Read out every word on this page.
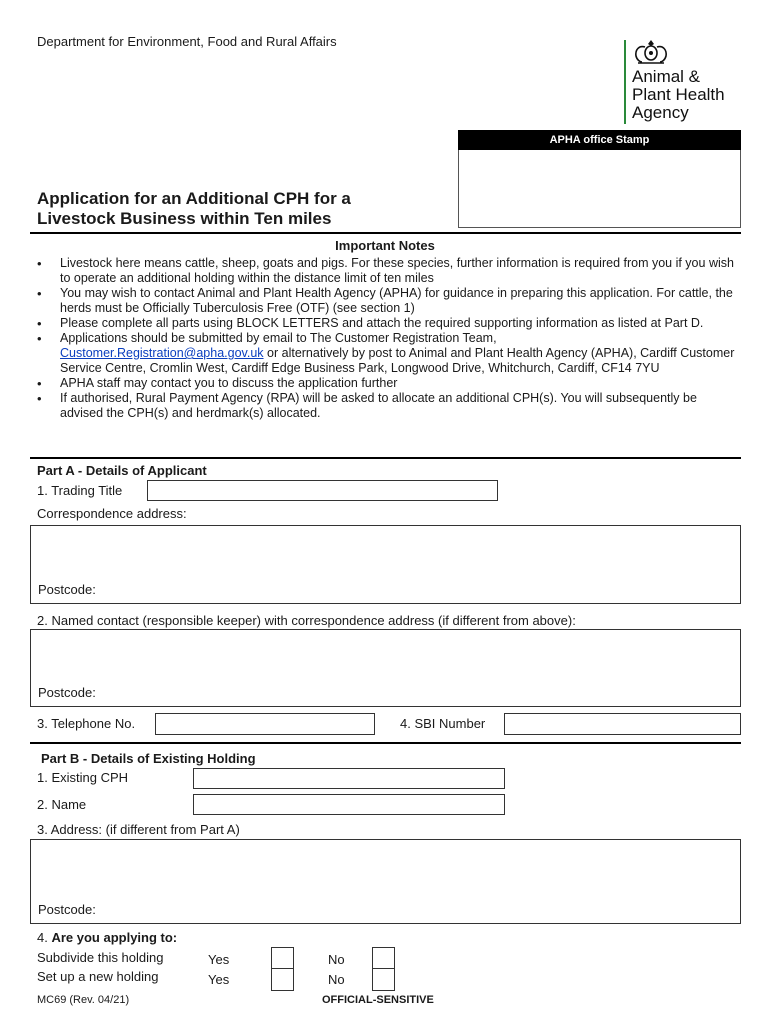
Department for Environment, Food and Rural Affairs
Animal &
Plant Health
Agency
APHA office Stamp
Application for an Additional CPH for a
Livestock Business within Ten miles
Important Notes
• Livestock here means cattle, sheep, goats and pigs. For these species, further information is required from you if you wish to operate an additional holding within the distance limit of ten miles
• You may wish to contact Animal and Plant Health Agency (APHA) for guidance in preparing this application. For cattle, the herds must be Officially Tuberculosis Free (OTF) (see section 1)
• Please complete all parts using BLOCK LETTERS and attach the required supporting information as listed at Part D.
• Applications should be submitted by email to The Customer Registration Team,
Customer.Registration@apha.gov.uk or alternatively by post to Animal and Plant Health Agency (APHA), Cardiff Customer Service Centre, Cromlin West, Cardiff Edge Business Park, Longwood Drive, Whitchurch, Cardiff, CF14 7YU
• APHA staff may contact you to discuss the application further
• If authorised, Rural Payment Agency (RPA) will be asked to allocate an additional CPH(s). You will subsequently be advised the CPH(s) and herdmark(s) allocated.
Part A - Details of Applicant
1. Trading Title
Correspondence address:
Postcode:
2. Named contact (responsible keeper) with correspondence address (if different from above):
Postcode:
3. Telephone No.	4. SBI Number
Part B - Details of Existing Holding
1. Existing CPH
2. Name
3. Address: (if different from Part A)
Postcode:
4. Are you applying to:
Subdivide this holding	Yes	No
Set up a new holding	Yes	No
MC69 (Rev. 04/21)	OFFICIAL-SENSITIVE
